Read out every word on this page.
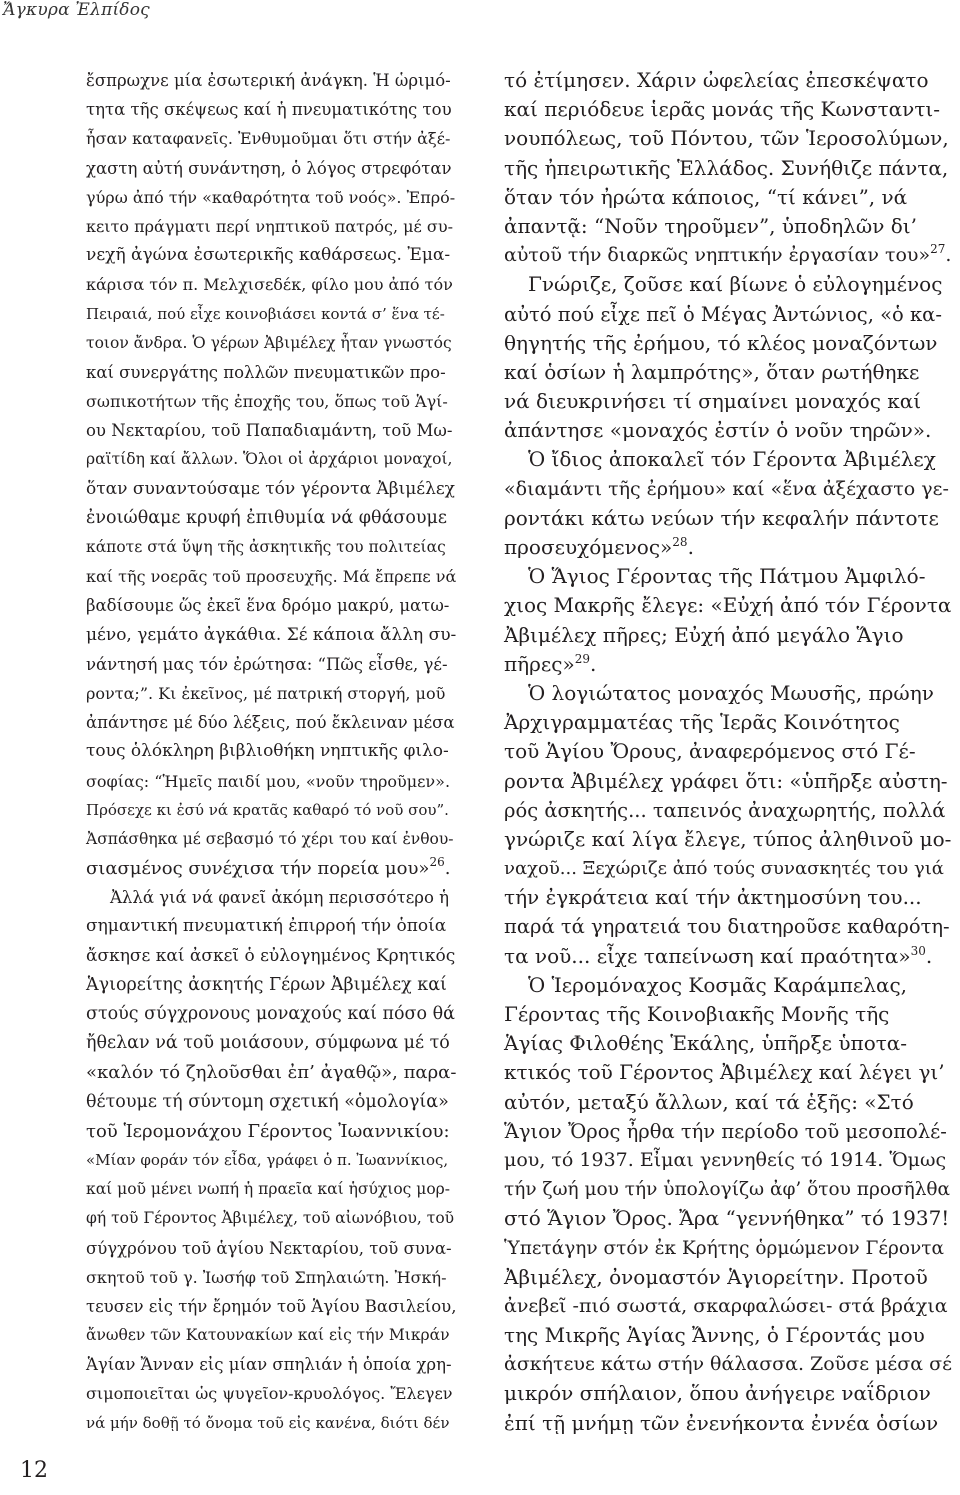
Ἄγκυρα Ἐλπίδος
ἔσπρωχνε μία ἐσωτερική ἀνάγκη. Ἡ ὡριμό-
τητα τῆς σκέψεως καί ἡ πνευματικότης του
ἦσαν καταφανεῖς. Ἐνθυμοῦμαι ὅτι στήν ἀξέ-
χαστη αὐτή συνάντηση, ὁ λόγος στρεφόταν
γύρω ἀπό τήν «καθαρότητα τοῦ νοός». Ἐπρό-
κειτο πράγματι περί νηπτικοῦ πατρός, μέ συ-
νεχῆ ἀγώνα ἐσωτερικῆς καθάρσεως. Ἐμα-
κάρισα τόν π. Μελχισεδέκ, φίλο μου ἀπό τόν
Πειραιά, πού εἶχε κοινοβιάσει κοντά σ’ ἕνα τέ-
τοιον ἄνδρα. Ὁ γέρων Ἀβιμέλεχ ἦταν γνωστός
καί συνεργάτης πολλῶν πνευματικῶν προ-
σωπικοτήτων τῆς ἐποχῆς του, ὅπως τοῦ Ἁγί-
ου Νεκταρίου, τοῦ Παπαδιαμάντη, τοῦ Μω-
ραϊτίδη καί ἄλλων. Ὅλοι οἱ ἀρχάριοι μοναχοί,
ὅταν συναντούσαμε τόν γέροντα Ἀβιμέλεχ
ἐνοιώθαμε κρυφή ἐπιθυμία νά φθάσουμε
κάποτε στά ὕψη τῆς ἀσκητικῆς του πολιτείας
καί τῆς νοερᾶς τοῦ προσευχῆς. Μά ἔπρεπε νά
βαδίσουμε ὥς ἐκεῖ ἕνα δρόμο μακρύ, ματω-
μένο, γεμάτο ἀγκάθια. Σέ κάποια ἄλλη συ-
νάντησή μας τόν ἐρώτησα: “Πῶς εἶσθε, γέ-
ροντα;”. Κι ἐκεῖνος, μέ πατρική στοργή, μοῦ
ἀπάντησε μέ δύο λέξεις, πού ἔκλειναν μέσα
τους ὁλόκληρη βιβλιοθήκη νηπτικῆς φιλο-
σοφίας: “Ἡμεῖς παιδί μου, «νοῦν τηροῦμεν».
Πρόσεχε κι ἐσύ νά κρατᾶς καθαρό τό νοῦ σου”.
Ἀσπάσθηκα μέ σεβασμό τό χέρι του καί ἐνθου-
σιασμένος συνέχισα τήν πορεία μου»$^{26}$.
Ἀλλά γιά νά φανεῖ ἀκόμη περισσότερο ἡ
σημαντική πνευματική ἐπιρροή τήν ὁποία
ἄσκησε καί ἀσκεῖ ὁ εὐλογημένος Κρητικός
Ἁγιορείτης ἀσκητής Γέρων Ἀβιμέλεχ καί
στούς σύγχρονους μοναχούς καί πόσο θά
ἤθελαν νά τοῦ μοιάσουν, σύμφωνα μέ τό
«καλόν τό ζηλοῦσθαι ἐπ’ ἀγαθῷ», παρα-
θέτουμε τή σύντομη σχετική «ὁμολογία»
τοῦ Ἱερομονάχου Γέροντος Ἰωαννικίου:
«Μίαν φοράν τόν εἶδα, γράφει ὁ π. Ἰωαννίκιος,
καί μοῦ μένει νωπή ἡ πραεῖα καί ἡσύχιος μορ-
φή τοῦ Γέροντος Ἀβιμέλεχ, τοῦ αἰωνόβιου, τοῦ
σύγχρόνου τοῦ ἁγίου Νεκταρίου, τοῦ συνα-
σκητοῦ τοῦ γ. Ἰωσήφ τοῦ Σπηλαιώτη. Ἠσκή-
τευσεν εἰς τήν ἔρημόν τοῦ Ἁγίου Βασιλείου,
ἄνωθεν τῶν Κατουνακίων καί εἰς τήν Μικράν
Ἁγίαν Ἄνναν εἰς μίαν σπηλιάν ἡ ὁποία χρη-
σιμοποιεῖται ὡς ψυγεῖον-κρυολόγος. Ἔλεγεν
νά μήν δοθῇ τό ὄνομα τοῦ εἰς κανένα, διότι δέν
τό ἐτίμησεν. Χάριν ὠφελείας ἐπεσκέψατο
καί περιόδευε ἱερᾶς μονάς τῆς Κωνσταντι-
νουπόλεως, τοῦ Πόντου, τῶν Ἱεροσολύμων,
τῆς ἠπειρωτικῆς Ἑλλάδος. Συνήθιζε πάντα,
ὅταν τόν ἠρώτα κάποιος, “τί κάνει”, νά
ἀπαντᾷ: “Νοῦν τηροῦμεν”, ὑποδηλῶν δι’
αὐτοῦ τήν διαρκῶς νηπτικήν ἐργασίαν του»$^{27}$.
Γνώριζε, ζοῦσε καί βίωνε ὁ εὐλογημένος
αὐτό πού εἶχε πεῖ ὁ Μέγας Ἀντώνιος, «ὁ κα-
θηγητής τῆς ἐρήμου, τό κλέος μοναζόντων
καί ὁσίων ἡ λαμπρότης», ὅταν ρωτήθηκε
νά διευκρινήσει τί σημαίνει μοναχός καί
ἀπάντησε «μοναχός ἐστίν ὁ νοῦν τηρῶν».
Ὁ ἴδιος ἀποκαλεῖ τόν Γέροντα Ἀβιμέλεχ
«διαμάντι τῆς ἐρήμου» καί «ἕνα ἀξέχαστο γε-
ροντάκι κάτω νεύων τήν κεφαλήν πάντοτε
προσευχόμενος»$^{28}$.
Ὁ Ἅγιος Γέροντας τῆς Πάτμου Ἀμφιλό-
χιος Μακρῆς ἔλεγε: «Εὐχή ἀπό τόν Γέροντα
Ἀβιμέλεχ πῆρες; Εὐχή ἀπό μεγάλο Ἅγιο
πῆρες»$^{29}$.
Ὁ λογιώτατος μοναχός Μωυσῆς, πρώην
Ἀρχιγραμματέας τῆς Ἱερᾶς Κοινότητος
τοῦ Ἁγίου Ὄρους, ἀναφερόμενος στό Γέ-
ροντα Ἀβιμέλεχ γράφει ὅτι: «ὑπῆρξε αὐστη-
ρός ἀσκητής... ταπεινός ἀναχωρητής, πολλά
γνώριζε καί λίγα ἔλεγε, τύπος ἀληθινοῦ μο-
ναχοῦ... Ξεχώριζε ἀπό τούς συνασκητές του γιά
τήν ἐγκράτεια καί τήν ἀκτημοσύνη του...
παρά τά γηρατειά του διατηροῦσε καθαρότη-
τα νοῦ... εἶχε ταπείνωση καί πραότητα»$^{30}$.
Ὁ Ἱερομόναχος Κοσμᾶς Καράμπελας,
Γέροντας τῆς Κοινοβιακῆς Μονῆς τῆς
Ἁγίας Φιλοθέης Ἑκάλης, ὑπῆρξε ὑποτα-
κτικός τοῦ Γέροντος Ἀβιμέλεχ καί λέγει γι’
αὐτόν, μεταξύ ἄλλων, καί τά ἑξῆς: «Στό
Ἅγιον Ὄρος ἦρθα τήν περίοδο τοῦ μεσοπολέ-
μου, τό 1937. Εἶμαι γεννηθείς τό 1914. Ὅμως
τήν ζωή μου τήν ὑπολογίζω ἀφ’ ὅτου προσῆλθα
στό Ἅγιον Ὄρος. Ἄρα “γεννήθηκα” τό 1937!
Ὑπετάγην στόν ἐκ Κρήτης ὁρμώμενον Γέροντα
Ἀβιμέλεχ, ὀνομαστόν Ἁγιορείτην. Προτοῦ
ἀνεβεῖ -πιό σωστά, σκαρφαλώσει- στά βράχια
της Μικρῆς Ἁγίας Ἄννης, ὁ Γέροντάς μου
ἀσκήτευε κάτω στήν θάλασσα. Ζοῦσε μέσα σέ
μικρόν σπήλαιον, ὅπου ἀνήγειρε ναΐδριον
ἐπί τῇ μνήμῃ τῶν ἐνενήκοντα ἐννέα ὁσίων
12
